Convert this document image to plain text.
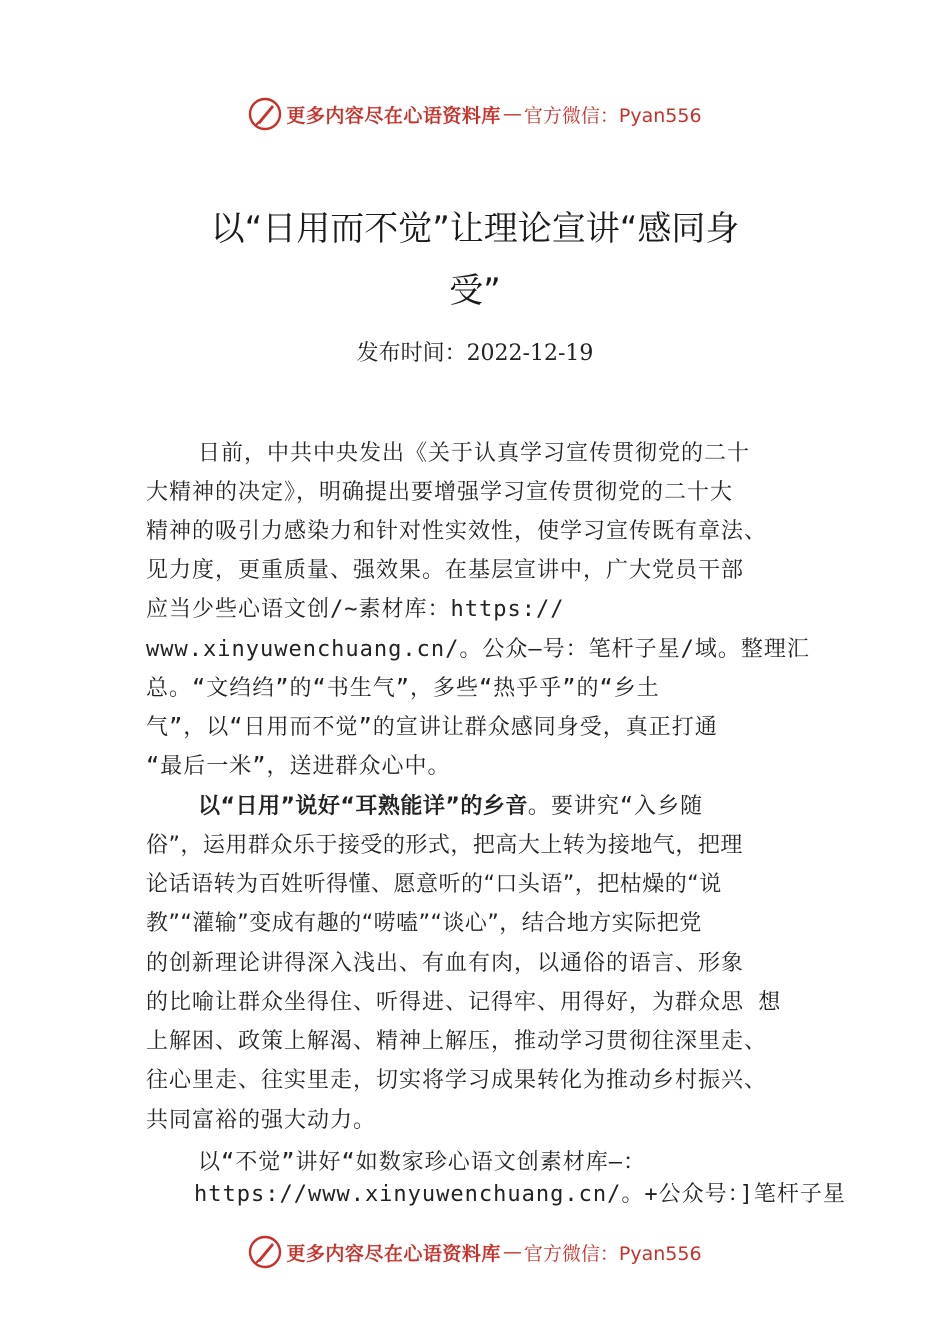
更多内容尽在心语资料库 — 官方微信：Pyan556
以“日用而不觉”让理论宣讲“感同身
受”
发布时间：2022-12-19
日前，中共中央发出《关于认真学习宣传贯彻党的二十
大精神的决定》，明确提出要增强学习宣传贯彻党的二十大
精神的吸引力感染力和针对性实效性，使学习宣传既有章法、
见力度，更重质量、强效果。在基层宣讲中，广大党员干部
应当少些心语文创/~素材库：https://
www.xinyuwenchuang.cn/。公众—号：笔杆子星/域。整理汇
总。“文绉绉”的“书生气”，多些“热乎乎”的“乡土
气”，以“日用而不觉”的宣讲让群众感同身受，真正打通
“最后一米”，送进群众心中。
以“日用”说好“耳熟能详”的乡音。要讲究“入乡随
俗”，运用群众乐于接受的形式，把高大上转为接地气，把理
论话语转为百姓听得懂、愿意听的“口头语”，把枯燥的“说
教”“灌输”变成有趣的“唠嗑”“谈心”，结合地方实际把党
的创新理论讲得深入浅出、有血有肉，以通俗的语言、形象
的比喻让群众坐得住、听得进、记得牢、用得好，为群众思 想
上解困、政策上解渴、精神上解压，推动学习贯彻往深里走、
往心里走、往实里走，切实将学习成果转化为推动乡村振兴、
共同富裕的强大动力。
以“不觉”讲好“如数家珍心语文创素材库—：
https://www.xinyuwenchuang.cn/。+公众号：]笔杆子星
更多内容尽在心语资料库 — 官方微信：Pyan556
